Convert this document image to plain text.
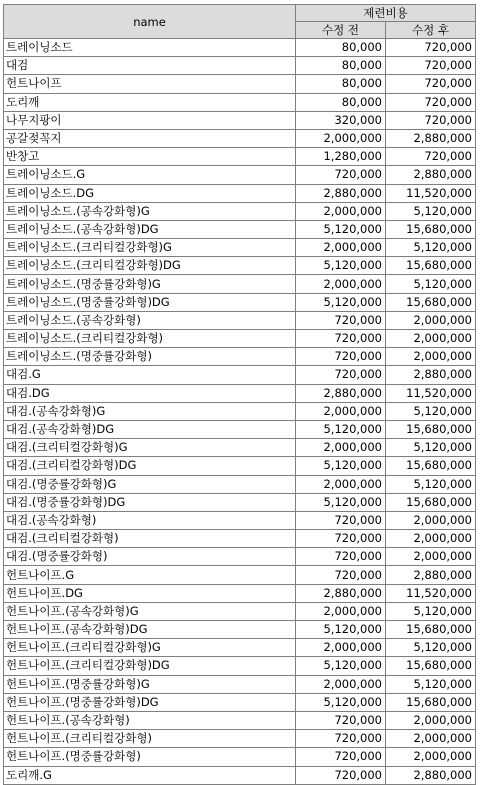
name	제련비용	
	수정 전	수정 후
트레이닝소드	80,000	720,000
대검	80,000	720,000
헌트나이프	80,000	720,000
도리깨	80,000	720,000
나무지팡이	320,000	720,000
공갈젖꼭지	2,000,000	2,880,000
반창고	1,280,000	720,000
트레이닝소드.G	720,000	2,880,000
트레이닝소드.DG	2,880,000	11,520,000
트레이닝소드.(공속강화형)G	2,000,000	5,120,000
트레이닝소드.(공속강화형)DG	5,120,000	15,680,000
트레이닝소드.(크리티컬강화형)G	2,000,000	5,120,000
트레이닝소드.(크리티컬강화형)DG	5,120,000	15,680,000
트레이닝소드.(명중률강화형)G	2,000,000	5,120,000
트레이닝소드.(명중률강화형)DG	5,120,000	15,680,000
트레이닝소드.(공속강화형)	720,000	2,000,000
트레이닝소드.(크리티컬강화형)	720,000	2,000,000
트레이닝소드.(명중률강화형)	720,000	2,000,000
대검.G	720,000	2,880,000
대검.DG	2,880,000	11,520,000
대검.(공속강화형)G	2,000,000	5,120,000
대검.(공속강화형)DG	5,120,000	15,680,000
대검.(크리티컬강화형)G	2,000,000	5,120,000
대검.(크리티컬강화형)DG	5,120,000	15,680,000
대검.(명중률강화형)G	2,000,000	5,120,000
대검.(명중률강화형)DG	5,120,000	15,680,000
대검.(공속강화형)	720,000	2,000,000
대검.(크리티컬강화형)	720,000	2,000,000
대검.(명중률강화형)	720,000	2,000,000
헌트나이프.G	720,000	2,880,000
헌트나이프.DG	2,880,000	11,520,000
헌트나이프.(공속강화형)G	2,000,000	5,120,000
헌트나이프.(공속강화형)DG	5,120,000	15,680,000
헌트나이프.(크리티컬강화형)G	2,000,000	5,120,000
헌트나이프.(크리티컬강화형)DG	5,120,000	15,680,000
헌트나이프.(명중률강화형)G	2,000,000	5,120,000
헌트나이프.(명중률강화형)DG	5,120,000	15,680,000
헌트나이프.(공속강화형)	720,000	2,000,000
헌트나이프.(크리티컬강화형)	720,000	2,000,000
헌트나이프.(명중률강화형)	720,000	2,000,000
도리깨.G	720,000	2,880,000
